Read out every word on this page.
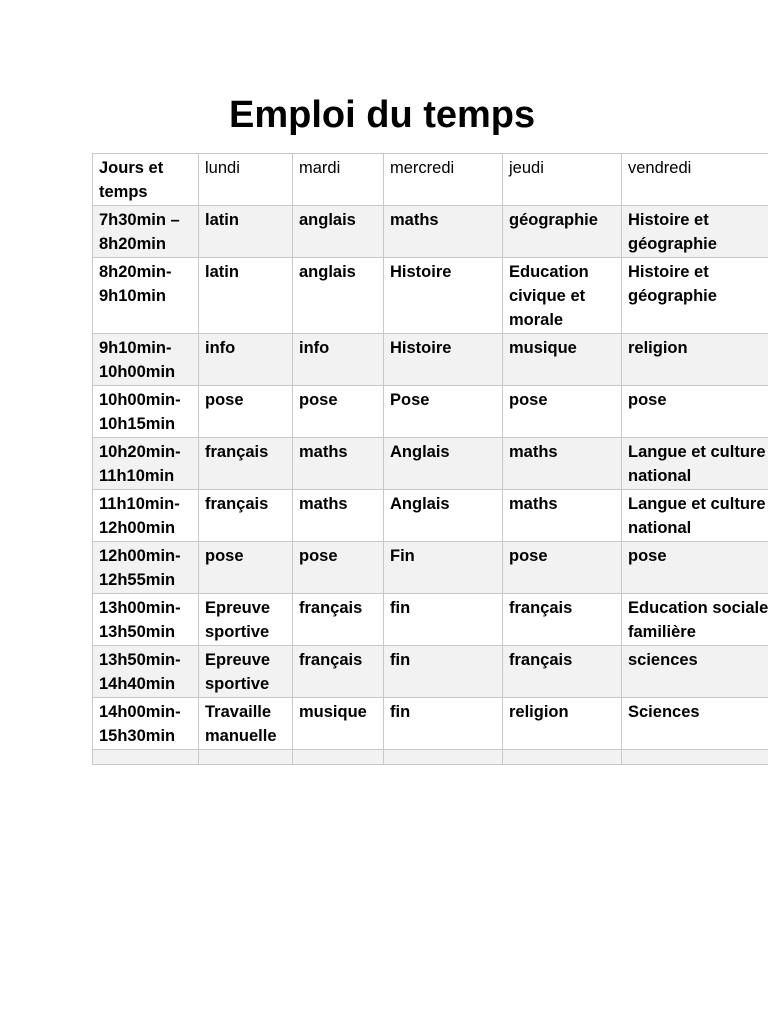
Emploi du temps
Jours et temps	lundi	mardi	mercredi	jeudi	vendredi
7h30min – 8h20min	latin	anglais	maths	géographie	Histoire et géographie
8h20min-9h10min	latin	anglais	Histoire	Education civique et morale	Histoire et géographie
9h10min-10h00min	info	info	Histoire	musique	religion
10h00min-10h15min	pose	pose	Pose	pose	pose
10h20min-11h10min	français	maths	Anglais	maths	Langue et culture national
11h10min-12h00min	français	maths	Anglais	maths	Langue et culture national
12h00min-12h55min	pose	pose	Fin	pose	pose
13h00min-13h50min	Epreuve sportive	français	fin	français	Education sociale familière
13h50min-14h40min	Epreuve sportive	français	fin	français	sciences
14h00min-15h30min	Travaille manuelle	musique	fin	religion	Sciences
